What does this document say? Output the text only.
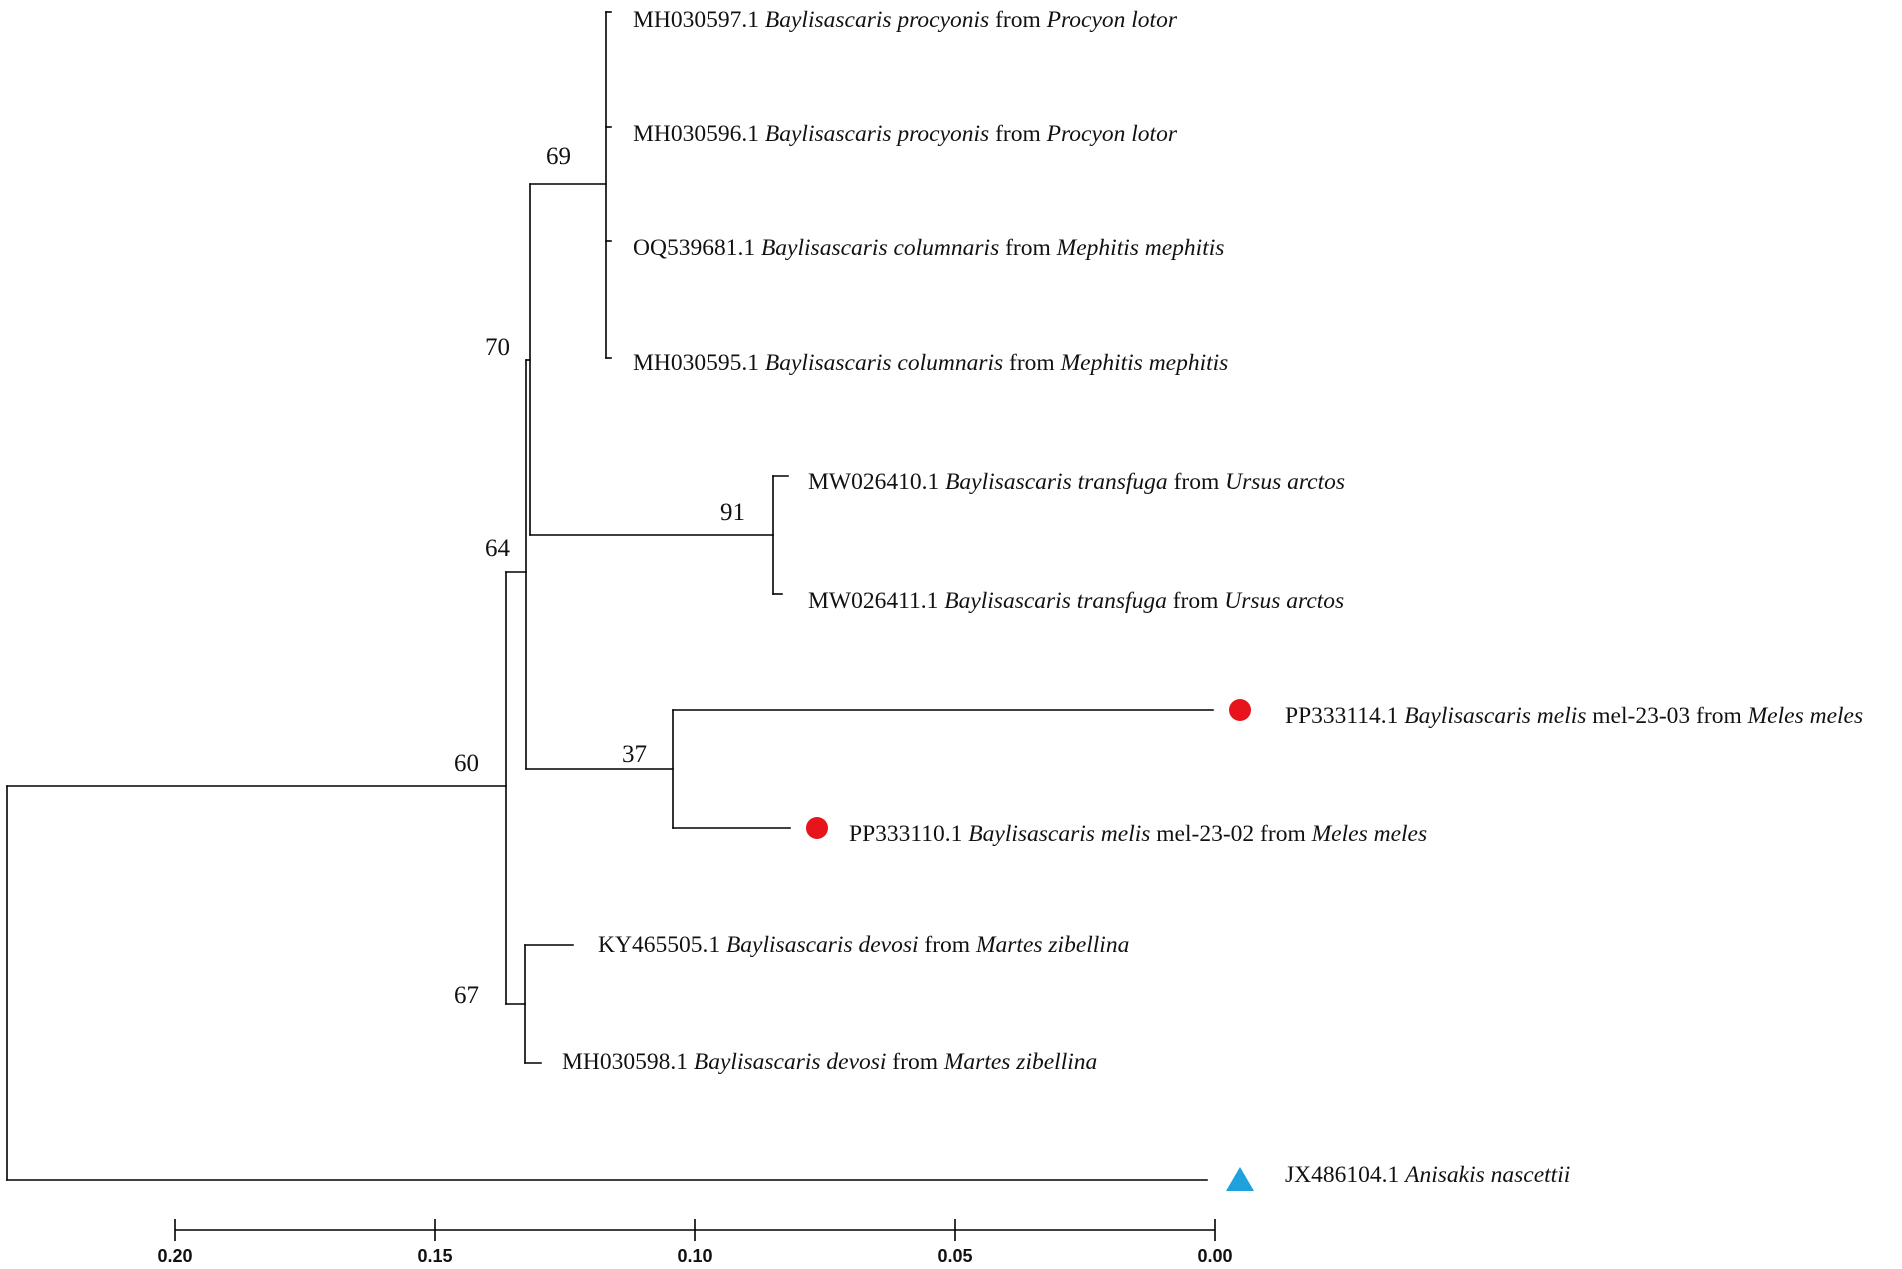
69
70
91
64
37
60
67
MH030597.1 Baylisascaris procyonis from Procyon lotor
MH030596.1 Baylisascaris procyonis from Procyon lotor
OQ539681.1 Baylisascaris columnaris from Mephitis mephitis
MH030595.1 Baylisascaris columnaris from Mephitis mephitis
MW026410.1 Baylisascaris transfuga from Ursus arctos
MW026411.1 Baylisascaris transfuga from Ursus arctos
PP333114.1 Baylisascaris melis mel-23-03 from Meles meles
PP333110.1 Baylisascaris melis mel-23-02 from Meles meles
KY465505.1 Baylisascaris devosi from Martes zibellina
MH030598.1 Baylisascaris devosi from Martes zibellina
JX486104.1 Anisakis nascettii
0.20	0.15	0.10	0.05	0.00
